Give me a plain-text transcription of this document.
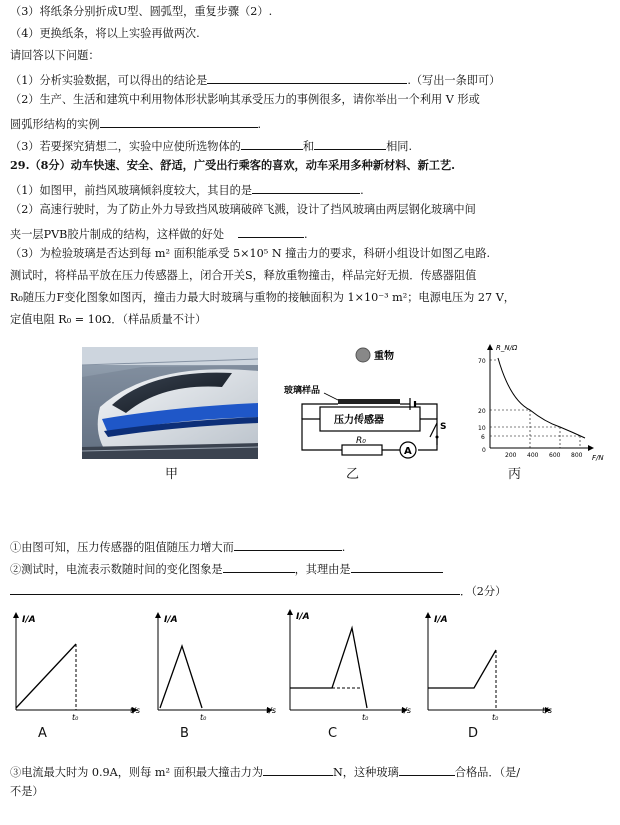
（3）将纸条分别折成U型、圆弧型，重复步骤（2）.
（4）更换纸条，将以上实验再做两次.
请回答以下问题：
（1）分析实验数据，可以得出的结论是	.（写出一条即可）
（2）生产、生活和建筑中利用物体形状影响其承受压力的事例很多，请你举出一个利用 V 形或
圆弧形结构的实例	.
（3）若要探究猜想二，实验中应使所选物体的	和	相同.
29.（8分）动车快速、安全、舒适，广受出行乘客的喜欢，动车采用多种新材料、新工艺.
（1）如图甲，前挡风玻璃倾斜度较大，其目的是	.
（2）高速行驶时，为了防止外力导致挡风玻璃破碎飞溅，设计了挡风玻璃由两层钢化玻璃中间
夹一层PVB胶片制成的结构，这样做的好处	.
（3）为检验玻璃是否达到每 m² 面积能承受 5×10⁵ N 撞击力的要求，科研小组设计如图乙电路.
测试时，将样品平放在压力传感器上，闭合开关S，释放重物撞击，样品完好无损．传感器阻值
R₀随压力F变化图象如图丙，撞击力最大时玻璃与重物的接触面积为 1×10⁻³ m²；电源电压为 27 V，
定值电阻 R₀ = 10Ω．（样品质量不计）
甲
重物
玻璃样品
压力传感器
S
R₀
A
乙
R_N/Ω
F/N
70
20
10
6
0
200 400 600 800
丙
①由图可知，压力传感器的阻值随压力增大而	.
②测试时，电流表示数随时间的变化图象是	，其理由是
．（2分）
I/A
t/s
t₀
I/A
t/s
t₀
I/A
t/s
t₀
I/A
t/s
t₀
A	B	C	D
③电流最大时为 0.9A，则每 m² 面积最大撞击力为	N，这种玻璃	合格品．（是/
不是）
